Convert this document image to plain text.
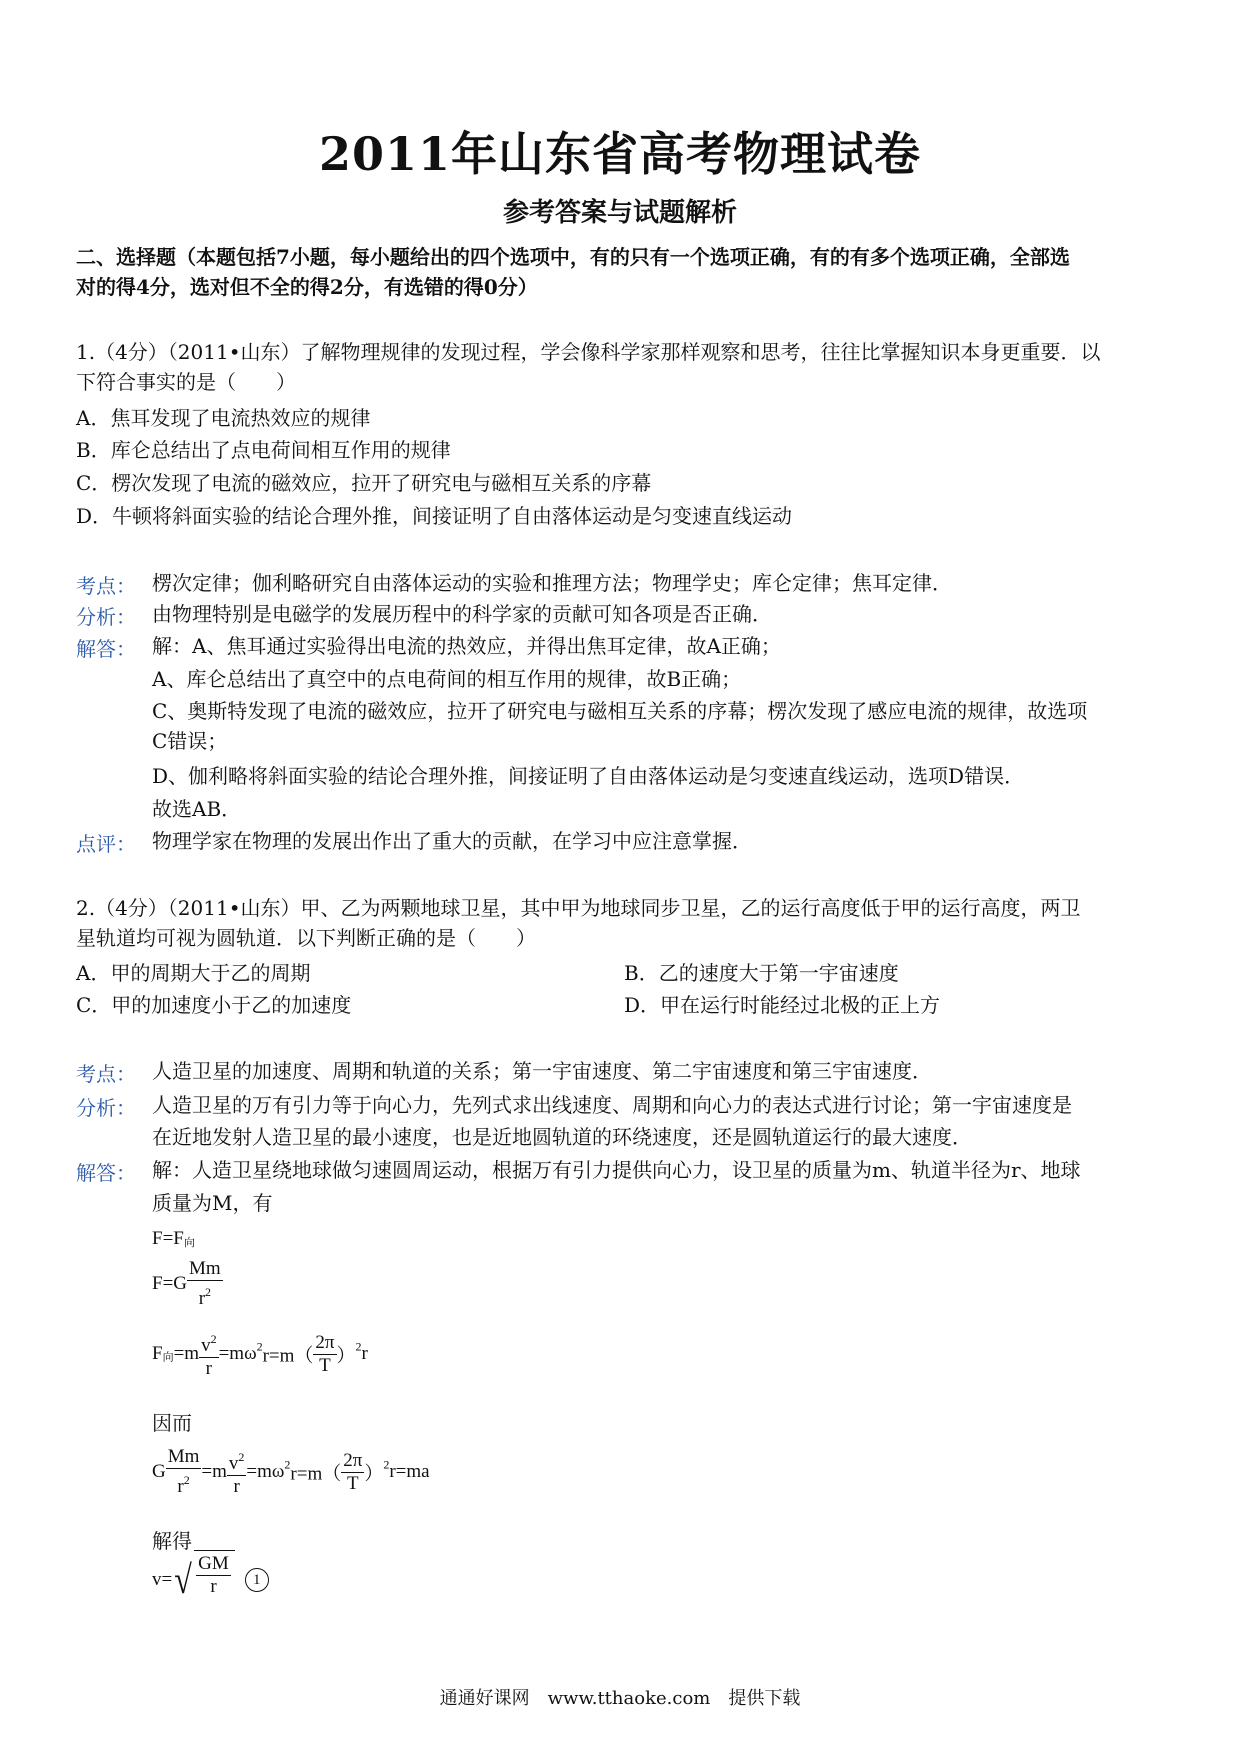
2011年山东省高考物理试卷
参考答案与试题解析
二、选择题（本题包括7小题，每小题给出的四个选项中，有的只有一个选项正确，有的有多个选项正确，全部选
对的得4分，选对但不全的得2分，有选错的得0分）
1.（4分）（2011•山东）了解物理规律的发现过程，学会像科学家那样观察和思考，往往比掌握知识本身更重要．以
下符合事实的是（　　）
A．焦耳发现了电流热效应的规律
B．库仑总结出了点电荷间相互作用的规律
C．楞次发现了电流的磁效应，拉开了研究电与磁相互关系的序幕
D．牛顿将斜面实验的结论合理外推，间接证明了自由落体运动是匀变速直线运动
考点： 楞次定律；伽利略研究自由落体运动的实验和推理方法；物理学史；库仑定律；焦耳定律．
分析： 由物理特别是电磁学的发展历程中的科学家的贡献可知各项是否正确．
解答： 解：A、焦耳通过实验得出电流的热效应，并得出焦耳定律，故A正确；
A、库仑总结出了真空中的点电荷间的相互作用的规律，故B正确；
C、奥斯特发现了电流的磁效应，拉开了研究电与磁相互关系的序幕；楞次发现了感应电流的规律，故选项
C错误；
D、伽利略将斜面实验的结论合理外推，间接证明了自由落体运动是匀变速直线运动，选项D错误．
故选AB．
点评： 物理学家在物理的发展出作出了重大的贡献，在学习中应注意掌握．
2.（4分）（2011•山东）甲、乙为两颗地球卫星，其中甲为地球同步卫星，乙的运行高度低于甲的运行高度，两卫
星轨道均可视为圆轨道．以下判断正确的是（　　）
A．甲的周期大于乙的周期	B．乙的速度大于第一宇宙速度
C．甲的加速度小于乙的加速度	D．甲在运行时能经过北极的正上方
考点： 人造卫星的加速度、周期和轨道的关系；第一宇宙速度、第二宇宙速度和第三宇宙速度．
分析： 人造卫星的万有引力等于向心力，先列式求出线速度、周期和向心力的表达式进行讨论；第一宇宙速度是
在近地发射人造卫星的最小速度，也是近地圆轨道的环绕速度，还是圆轨道运行的最大速度．
解答： 解：人造卫星绕地球做匀速圆周运动，根据万有引力提供向心力，设卫星的质量为m、轨道半径为r、地球
质量为M，有
F=F向
$F=G \frac{Mm}{r^2}$
F向$=m \frac{v^2}{r} =m\omega^2r=m( \frac{2\pi}{T} )^2r$
因而
G $\frac{Mm}{r^2} =m \frac{v^2}{r} =m\omega^2r=m( \frac{2\pi}{T} )^2r=ma$
解得
v= √ $\frac{GM}{r} 1$
通通好课网　www.tthaoke.com　提供下载
